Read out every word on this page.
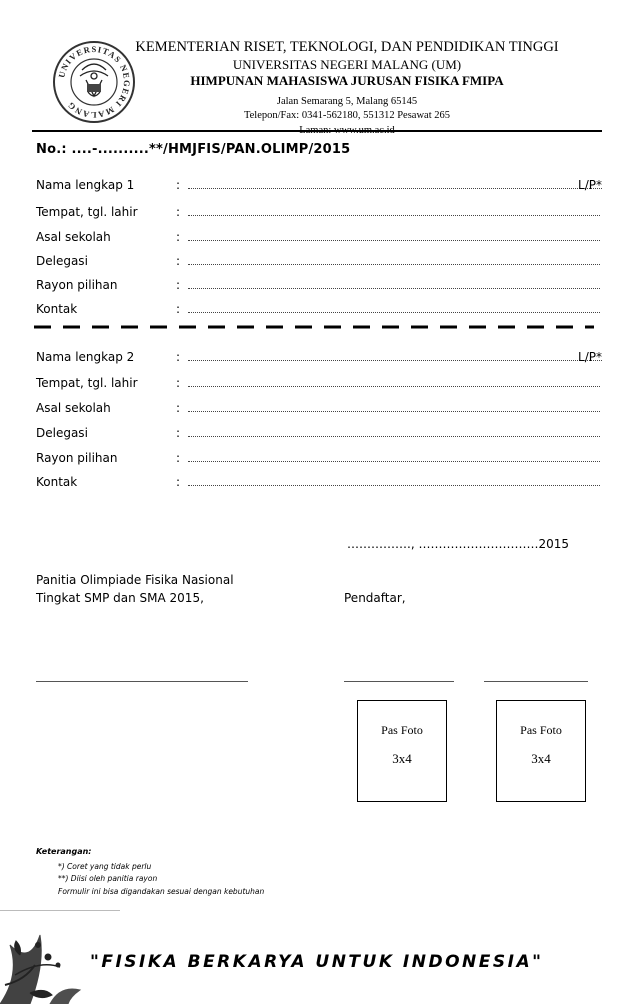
UNIVERSITAS NEGERI MALANG
KEMENTERIAN RISET, TEKNOLOGI, DAN PENDIDIKAN TINGGI
UNIVERSITAS NEGERI MALANG (UM)
HIMPUNAN MAHASISWA JURUSAN FISIKA FMIPA
Jalan Semarang 5, Malang 65145
Telepon/Fax: 0341-562180, 551312 Pesawat 265
No.: ....-..........**/HMJFIS/PAN.OLIMP/2015
Nama lengkap 1	:	L/P*
Tempat, tgl. lahir	:
Asal sekolah	:
Delegasi	:
Rayon pilihan	:
Kontak	:
Nama lengkap 2	:	L/P*
Tempat, tgl. lahir	:
Asal sekolah	:
Delegasi	:
Rayon pilihan	:
Kontak	:
……………., …………………………2015
Panitia Olimpiade Fisika Nasional
Tingkat SMP dan SMA 2015,	Pendaftar,
Pas Foto
3x4
Pas Foto
3x4
Keterangan:
*) Coret yang tidak perlu
**) Diisi oleh panitia rayon
Formulir ini bisa digandakan sesuai dengan kebutuhan
"FISIKA BERKARYA UNTUK INDONESIA"
